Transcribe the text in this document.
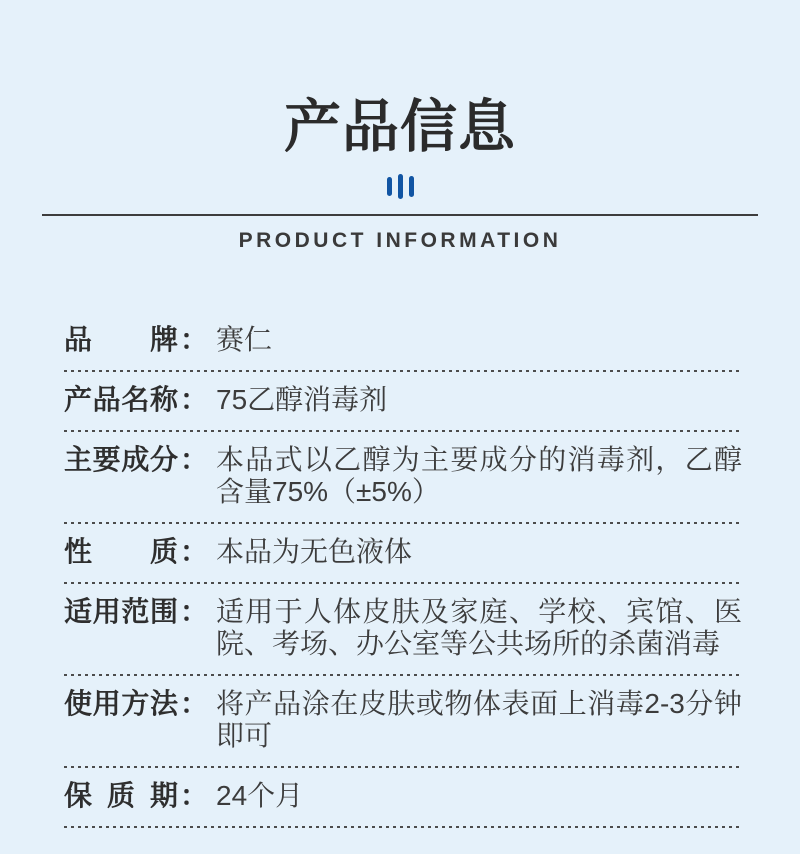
产品信息
PRODUCT INFORMATION
品牌 ： 赛仁
产品名称 ： 75乙醇消毒剂
主要成分 ： 本品式以乙醇为主要成分的消毒剂，乙醇含量75%（±5%）
性质 ： 本品为无色液体
适用范围 ： 适用于人体皮肤及家庭、学校、宾馆、医院、考场、办公室等公共场所的杀菌消毒
使用方法 ： 将产品涂在皮肤或物体表面上消毒2-3分钟即可
保质期 ： 24个月
